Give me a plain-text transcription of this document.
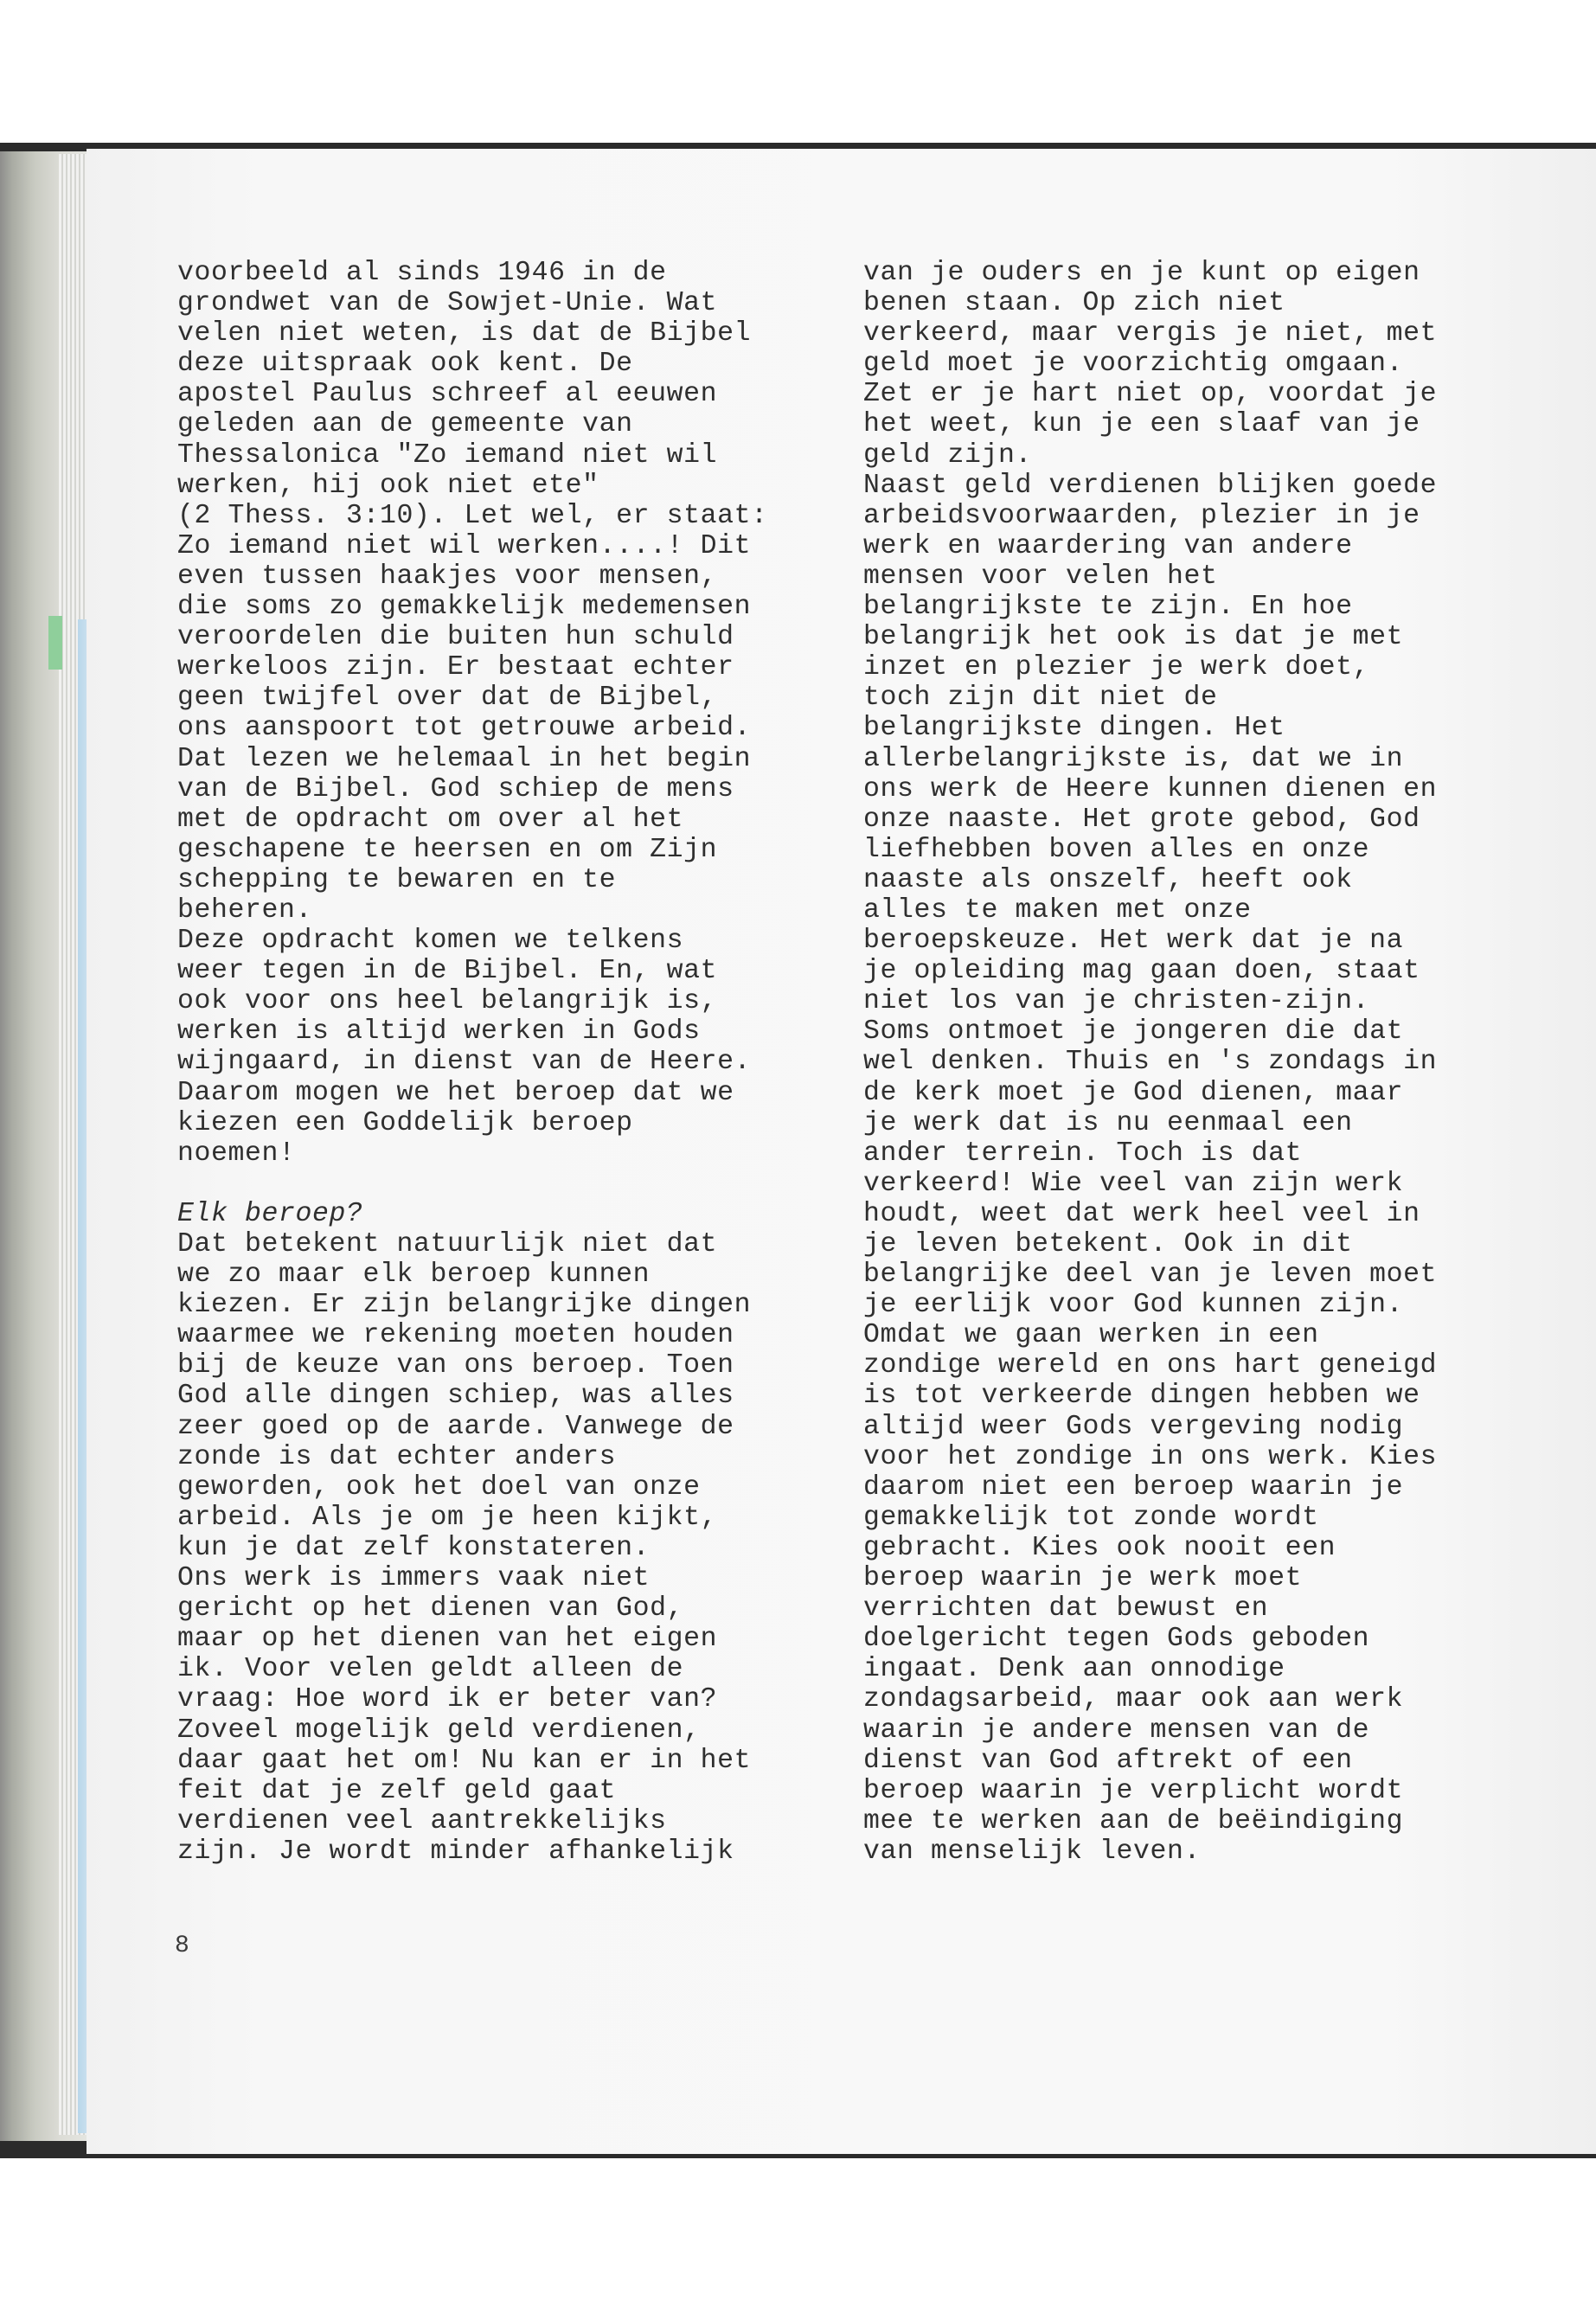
voorbeeld al sinds 1946 in de
grondwet van de Sowjet-Unie. Wat
velen niet weten, is dat de Bijbel
deze uitspraak ook kent. De
apostel Paulus schreef al eeuwen
geleden aan de gemeente van
Thessalonica "Zo iemand niet wil
werken, hij ook niet ete"
(2 Thess. 3:10). Let wel, er staat:
Zo iemand niet wil werken....! Dit
even tussen haakjes voor mensen,
die soms zo gemakkelijk medemensen
veroordelen die buiten hun schuld
werkeloos zijn. Er bestaat echter
geen twijfel over dat de Bijbel,
ons aanspoort tot getrouwe arbeid.
Dat lezen we helemaal in het begin
van de Bijbel. God schiep de mens
met de opdracht om over al het
geschapene te heersen en om Zijn
schepping te bewaren en te
beheren.
Deze opdracht komen we telkens
weer tegen in de Bijbel. En, wat
ook voor ons heel belangrijk is,
werken is altijd werken in Gods
wijngaard, in dienst van de Heere.
Daarom mogen we het beroep dat we
kiezen een Goddelijk beroep
noemen!
Elk beroep?
Dat betekent natuurlijk niet dat
we zo maar elk beroep kunnen
kiezen. Er zijn belangrijke dingen
waarmee we rekening moeten houden
bij de keuze van ons beroep. Toen
God alle dingen schiep, was alles
zeer goed op de aarde. Vanwege de
zonde is dat echter anders
geworden, ook het doel van onze
arbeid. Als je om je heen kijkt,
kun je dat zelf konstateren.
Ons werk is immers vaak niet
gericht op het dienen van God,
maar op het dienen van het eigen
ik. Voor velen geldt alleen de
vraag: Hoe word ik er beter van?
Zoveel mogelijk geld verdienen,
daar gaat het om! Nu kan er in het
feit dat je zelf geld gaat
verdienen veel aantrekkelijks
zijn. Je wordt minder afhankelijk
van je ouders en je kunt op eigen
benen staan. Op zich niet
verkeerd, maar vergis je niet, met
geld moet je voorzichtig omgaan.
Zet er je hart niet op, voordat je
het weet, kun je een slaaf van je
geld zijn.
Naast geld verdienen blijken goede
arbeidsvoorwaarden, plezier in je
werk en waardering van andere
mensen voor velen het
belangrijkste te zijn. En hoe
belangrijk het ook is dat je met
inzet en plezier je werk doet,
toch zijn dit niet de
belangrijkste dingen. Het
allerbelangrijkste is, dat we in
ons werk de Heere kunnen dienen en
onze naaste. Het grote gebod, God
liefhebben boven alles en onze
naaste als onszelf, heeft ook
alles te maken met onze
beroepskeuze. Het werk dat je na
je opleiding mag gaan doen, staat
niet los van je christen-zijn.
Soms ontmoet je jongeren die dat
wel denken. Thuis en 's zondags in
de kerk moet je God dienen, maar
je werk dat is nu eenmaal een
ander terrein. Toch is dat
verkeerd! Wie veel van zijn werk
houdt, weet dat werk heel veel in
je leven betekent. Ook in dit
belangrijke deel van je leven moet
je eerlijk voor God kunnen zijn.
Omdat we gaan werken in een
zondige wereld en ons hart geneigd
is tot verkeerde dingen hebben we
altijd weer Gods vergeving nodig
voor het zondige in ons werk. Kies
daarom niet een beroep waarin je
gemakkelijk tot zonde wordt
gebracht. Kies ook nooit een
beroep waarin je werk moet
verrichten dat bewust en
doelgericht tegen Gods geboden
ingaat. Denk aan onnodige
zondagsarbeid, maar ook aan werk
waarin je andere mensen van de
dienst van God aftrekt of een
beroep waarin je verplicht wordt
mee te werken aan de beëindiging
van menselijk leven.
8
